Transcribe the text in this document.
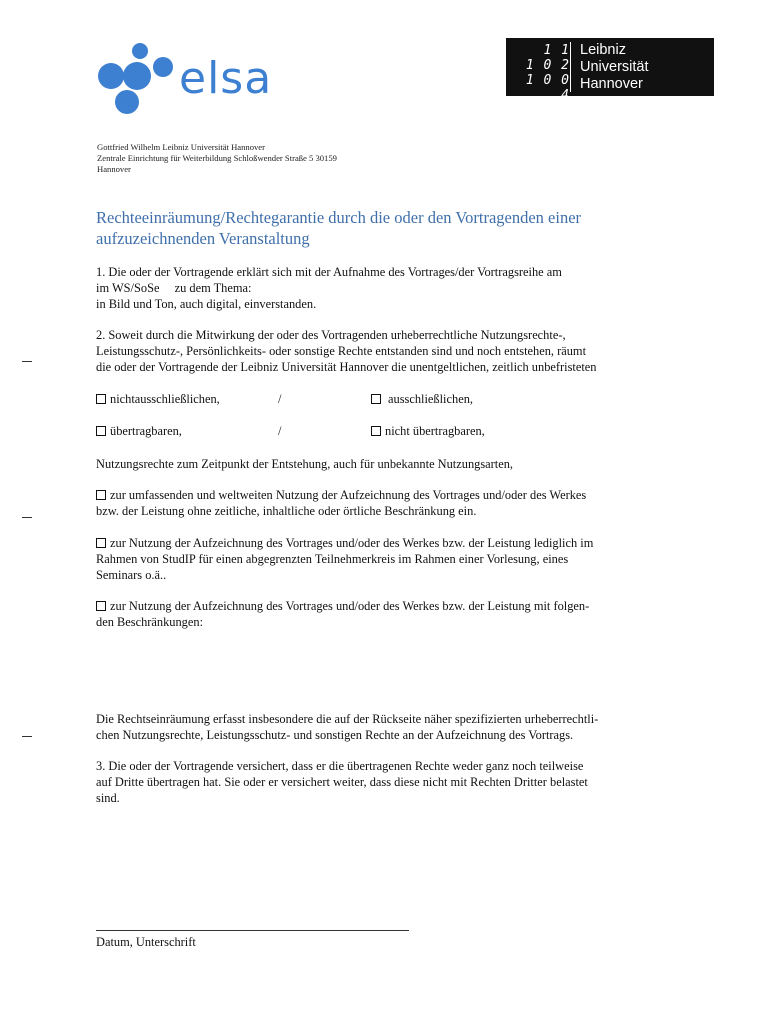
elsa
1 1
1 0 2
1 0 0 4
Leibniz
Universität
Hannover
Gottfried Wilhelm Leibniz Universität Hannover
Zentrale Einrichtung für Weiterbildung Schloßwender Straße 5 30159
Hannover
Rechteeinräumung/Rechtegarantie durch die oder den Vortragenden einer
aufzuzeichnenden Veranstaltung
1. Die oder der Vortragende erklärt sich mit der Aufnahme des Vortrages/der Vortragsreihe am
im WS/SoSe zu dem Thema:
in Bild und Ton, auch digital, einverstanden.
2. Soweit durch die Mitwirkung der oder des Vortragenden urheberrechtliche Nutzungsrechte-,
Leistungsschutz-, Persönlichkeits- oder sonstige Rechte entstanden sind und noch entstehen, räumt
die oder der Vortragende der Leibniz Universität Hannover die unentgeltlichen, zeitlich unbefristeten
nichtausschließlichen,	/	ausschließlichen,
übertragbaren,	/	nicht übertragbaren,
Nutzungsrechte zum Zeitpunkt der Entstehung, auch für unbekannte Nutzungsarten,
zur umfassenden und weltweiten Nutzung der Aufzeichnung des Vortrages und/oder des Werkes
bzw. der Leistung ohne zeitliche, inhaltliche oder örtliche Beschränkung ein.
zur Nutzung der Aufzeichnung des Vortrages und/oder des Werkes bzw. der Leistung lediglich im
Rahmen von StudIP für einen abgegrenzten Teilnehmerkreis im Rahmen einer Vorlesung, eines
Seminars o.ä..
zur Nutzung der Aufzeichnung des Vortrages und/oder des Werkes bzw. der Leistung mit folgen-
den Beschränkungen:
Die Rechtseinräumung erfasst insbesondere die auf der Rückseite näher spezifizierten urheberrechtli-
chen Nutzungsrechte, Leistungsschutz- und sonstigen Rechte an der Aufzeichnung des Vortrags.
3. Die oder der Vortragende versichert, dass er die übertragenen Rechte weder ganz noch teilweise
auf Dritte übertragen hat. Sie oder er versichert weiter, dass diese nicht mit Rechten Dritter belastet
sind.
Datum, Unterschrift
